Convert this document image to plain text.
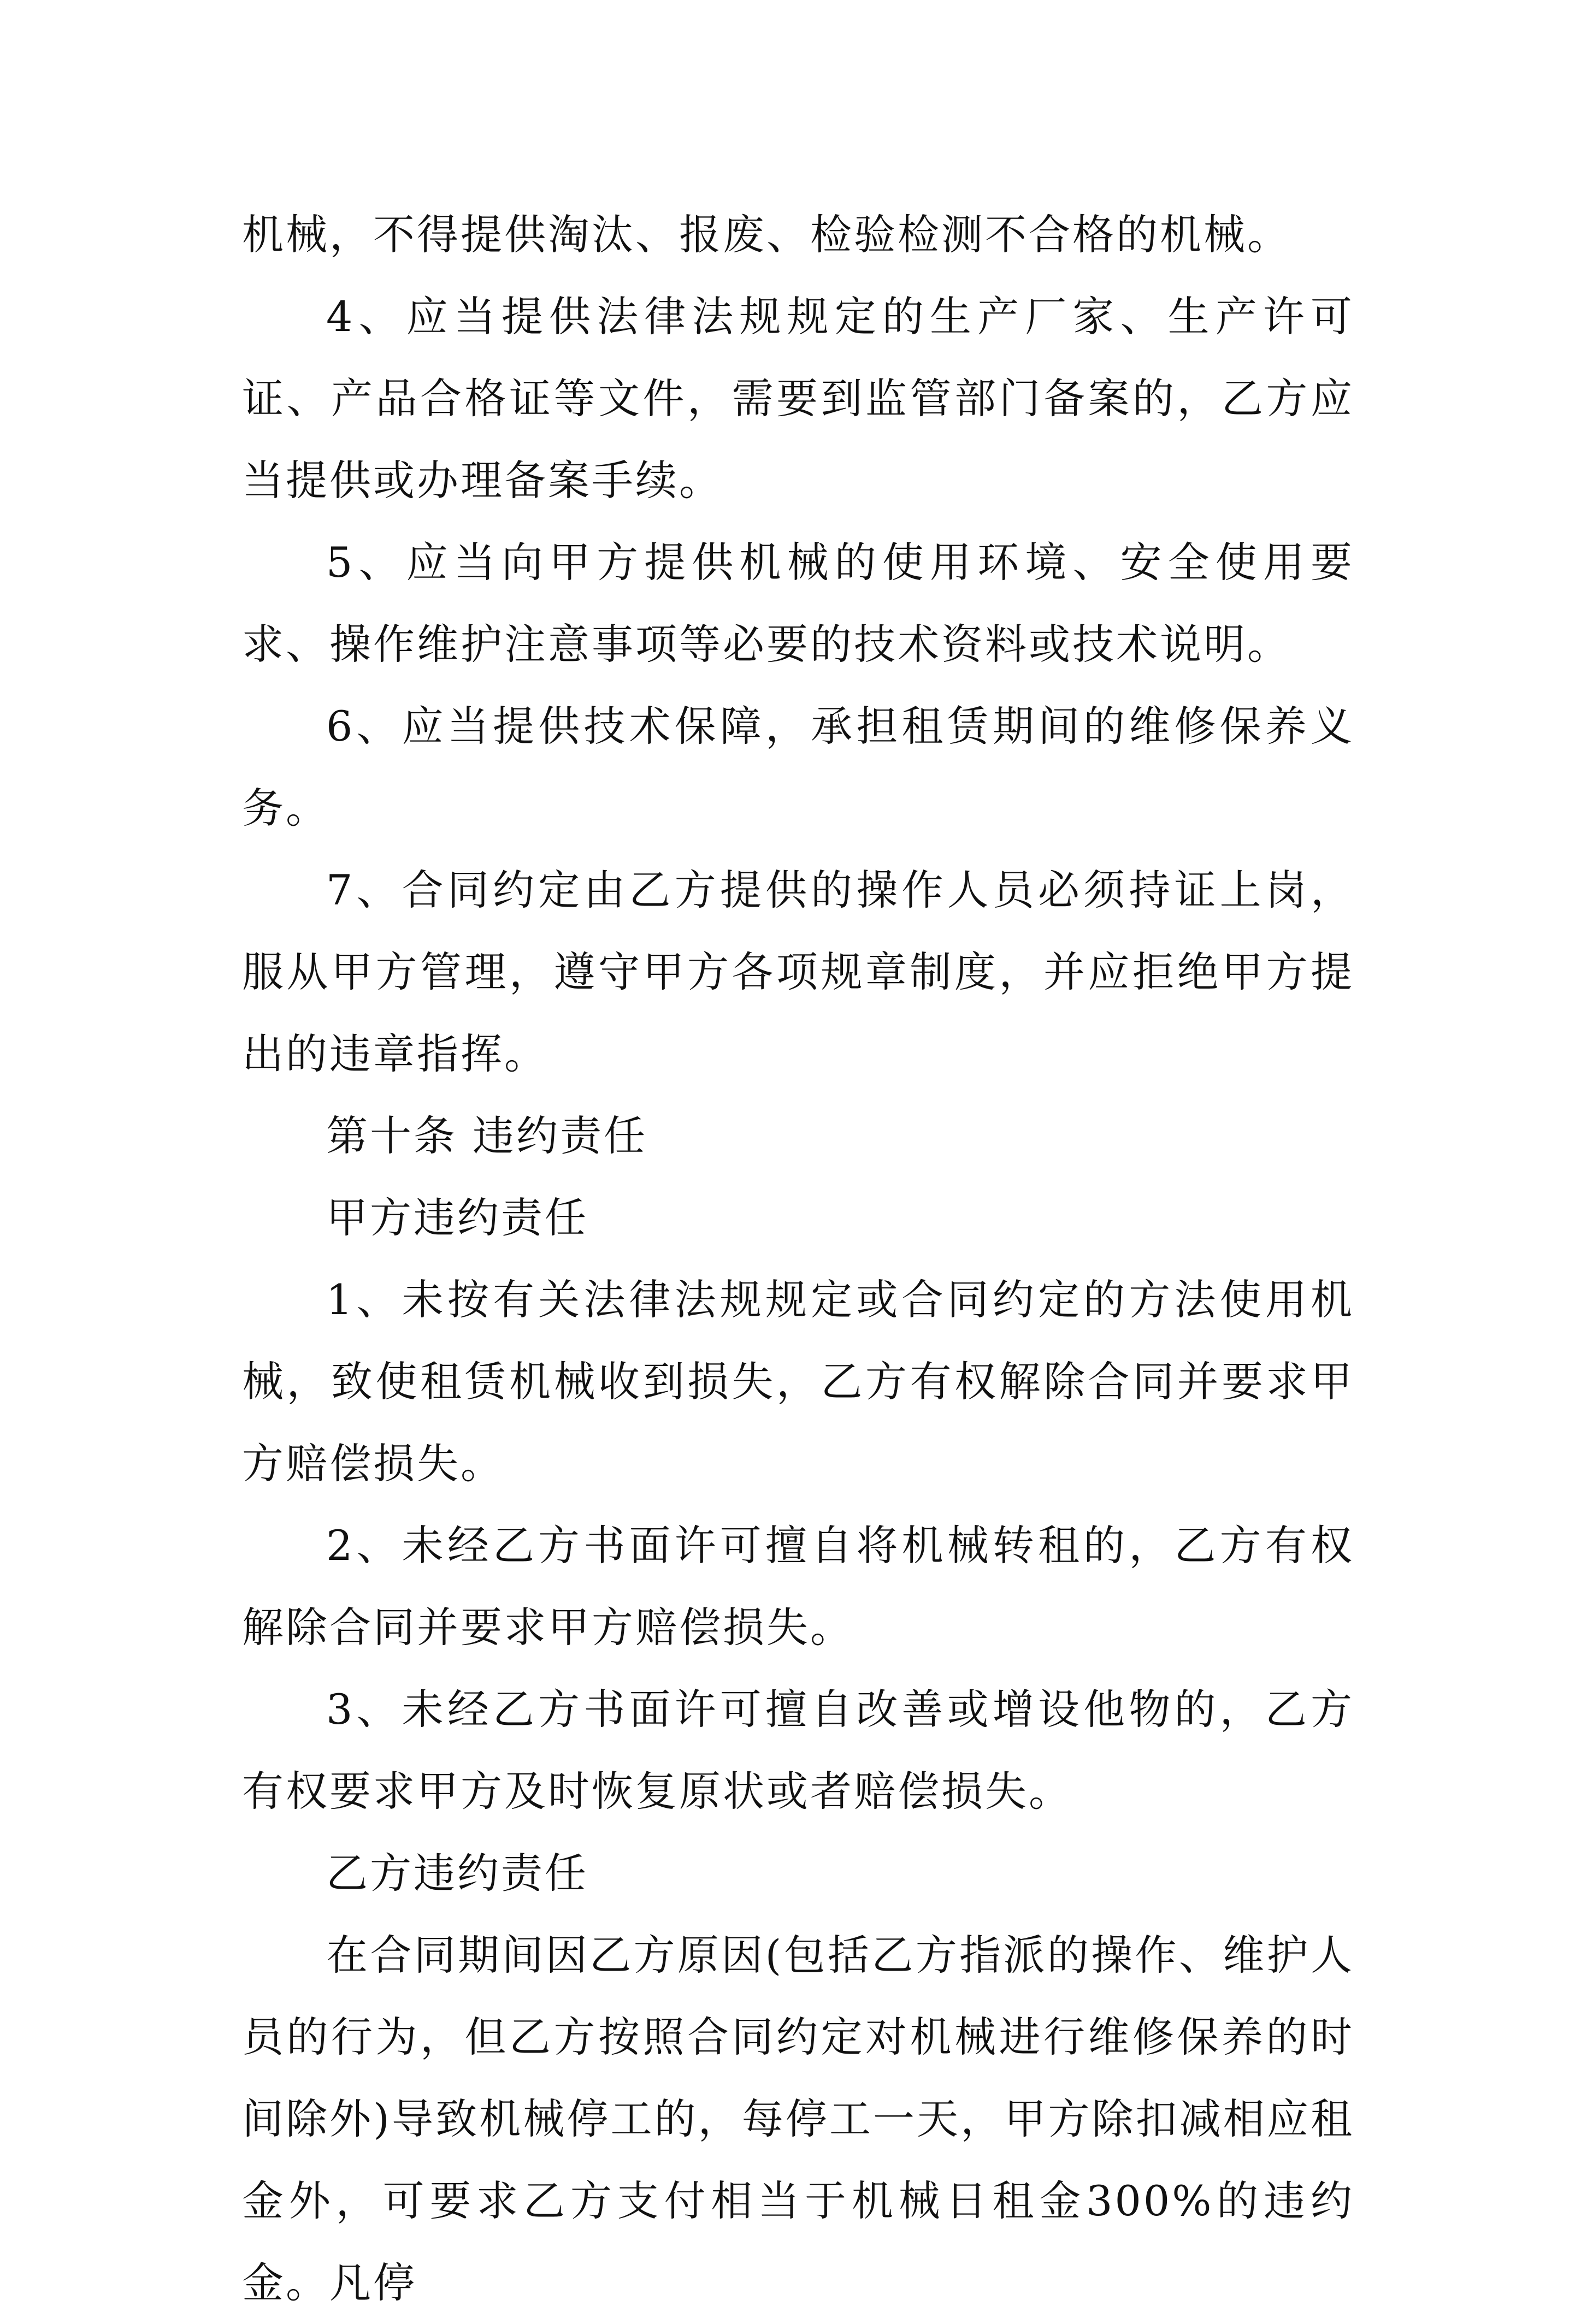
机械，不得提供淘汰、报废、检验检测不合格的机械。

4、应当提供法律法规规定的生产厂家、生产许可证、产品合格证等文件，需要到监管部门备案的，乙方应当提供或办理备案手续。

5、应当向甲方提供机械的使用环境、安全使用要求、操作维护注意事项等必要的技术资料或技术说明。

6、应当提供技术保障，承担租赁期间的维修保养义务。

7、合同约定由乙方提供的操作人员必须持证上岗，服从甲方管理，遵守甲方各项规章制度，并应拒绝甲方提出的违章指挥。

第十条 违约责任

甲方违约责任

1、未按有关法律法规规定或合同约定的方法使用机械，致使租赁机械收到损失，乙方有权解除合同并要求甲方赔偿损失。

2、未经乙方书面许可擅自将机械转租的，乙方有权解除合同并要求甲方赔偿损失。

3、未经乙方书面许可擅自改善或增设他物的，乙方有权要求甲方及时恢复原状或者赔偿损失。

乙方违约责任

在合同期间因乙方原因(包括乙方指派的操作、维护人员的行为，但乙方按照合同约定对机械进行维修保养的时间除外)导致机械停工的，每停工一天，甲方除扣减相应租金外，可要求乙方支付相当于机械日租金300%的违约金。凡停
